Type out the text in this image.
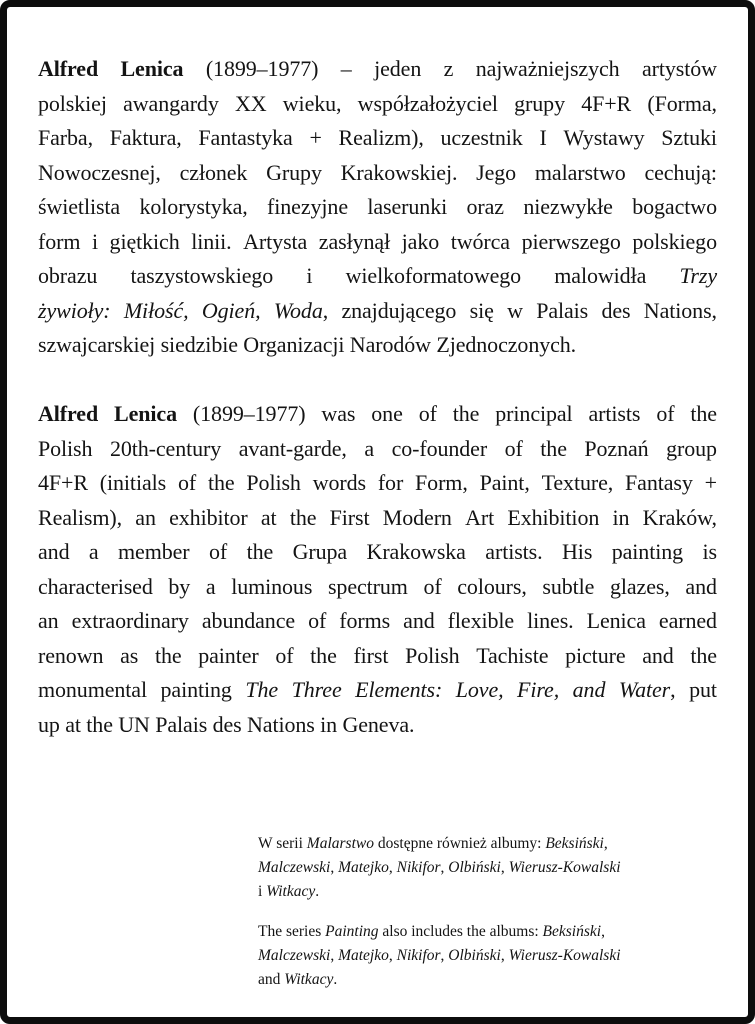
Alfred Lenica (1899–1977) – jeden z najważniejszych artystów
polskiej awangardy XX wieku, współzałożyciel grupy 4F+R (Forma,
Farba, Faktura, Fantastyka + Realizm), uczestnik I Wystawy Sztuki
Nowoczesnej, członek Grupy Krakowskiej. Jego malarstwo cechują:
świetlista kolorystyka, finezyjne laserunki oraz niezwykłe bogactwo
form i giętkich linii. Artysta zasłynął jako twórca pierwszego polskiego
obrazu taszystowskiego i wielkoformatowego malowidła Trzy
żywioły: Miłość, Ogień, Woda, znajdującego się w Palais des Nations,
szwajcarskiej siedzibie Organizacji Narodów Zjednoczonych.
Alfred Lenica (1899–1977) was one of the principal artists of the
Polish 20th-century avant-garde, a co-founder of the Poznań group
4F+R (initials of the Polish words for Form, Paint, Texture, Fantasy +
Realism), an exhibitor at the First Modern Art Exhibition in Kraków,
and a member of the Grupa Krakowska artists. His painting is
characterised by a luminous spectrum of colours, subtle glazes, and
an extraordinary abundance of forms and flexible lines. Lenica earned
renown as the painter of the first Polish Tachiste picture and the
monumental painting The Three Elements: Love, Fire, and Water, put
up at the UN Palais des Nations in Geneva.
W serii Malarstwo dostępne również albumy: Beksiński,
Malczewski, Matejko, Nikifor, Olbiński, Wierusz-Kowalski
i Witkacy.
The series Painting also includes the albums: Beksiński,
Malczewski, Matejko, Nikifor, Olbiński, Wierusz-Kowalski
and Witkacy.
